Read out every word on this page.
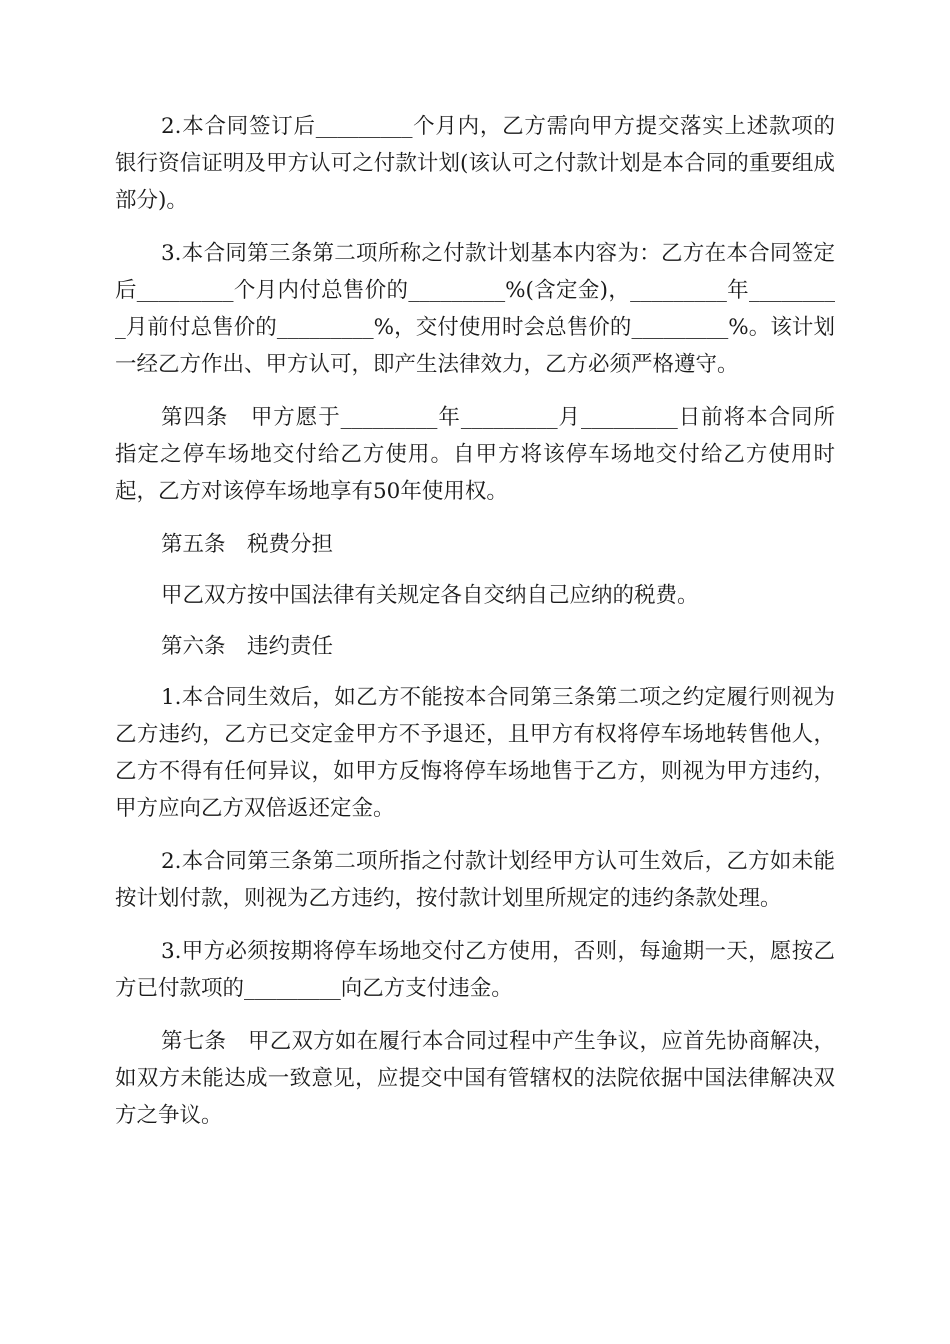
2.本合同签订后_________个月内，乙方需向甲方提交落实上述款项的银行资信证明及甲方认可之付款计划(该认可之付款计划是本合同的重要组成部分)。

3.本合同第三条第二项所称之付款计划基本内容为：乙方在本合同签定后_________个月内付总售价的_________%(含定金)，_________年_________月前付总售价的_________%，交付使用时会总售价的_________%。该计划一经乙方作出、甲方认可，即产生法律效力，乙方必须严格遵守。

第四条　甲方愿于_________年_________月_________日前将本合同所指定之停车场地交付给乙方使用。自甲方将该停车场地交付给乙方使用时起，乙方对该停车场地享有50年使用权。

第五条　税费分担

甲乙双方按中国法律有关规定各自交纳自己应纳的税费。

第六条　违约责任

1.本合同生效后，如乙方不能按本合同第三条第二项之约定履行则视为乙方违约，乙方已交定金甲方不予退还，且甲方有权将停车场地转售他人，乙方不得有任何异议，如甲方反悔将停车场地售于乙方，则视为甲方违约，甲方应向乙方双倍返还定金。

2.本合同第三条第二项所指之付款计划经甲方认可生效后，乙方如未能按计划付款，则视为乙方违约，按付款计划里所规定的违约条款处理。

3.甲方必须按期将停车场地交付乙方使用，否则，每逾期一天，愿按乙方已付款项的_________向乙方支付违金。

第七条　甲乙双方如在履行本合同过程中产生争议，应首先协商解决，如双方未能达成一致意见，应提交中国有管辖权的法院依据中国法律解决双方之争议。
